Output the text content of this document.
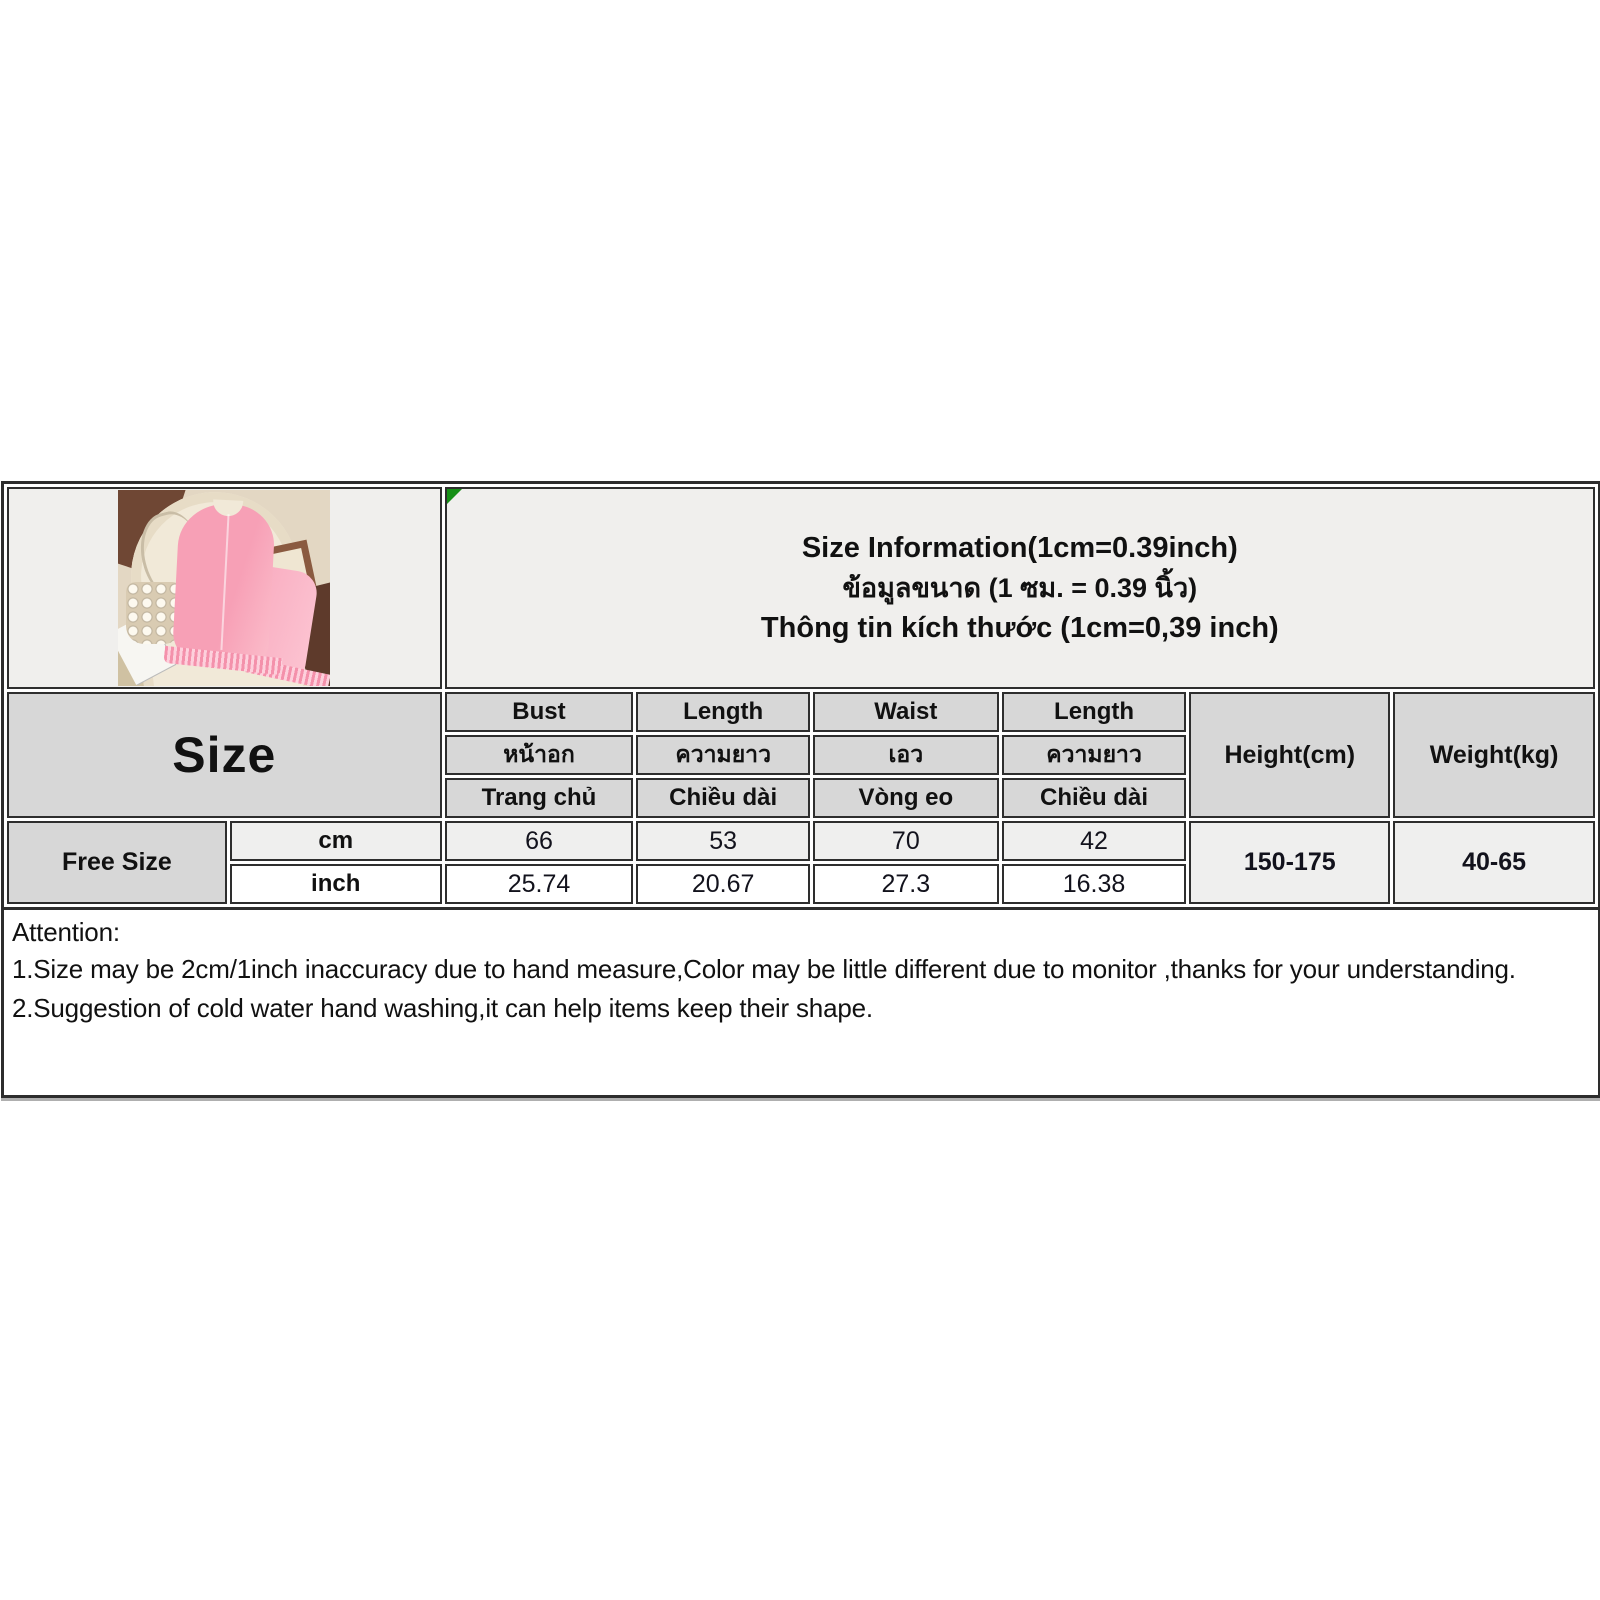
		Size Information(1cm=0.39inch)
ข้อมูลขนาด (1 ซม. = 0.39 นิ้ว)
Thông tin kích thước (1cm=0,39 inch)					

Size		Bust	Length	Waist	Length	Height(cm)	Weight(kg)
		หน้าอก	ความยาว	เอว	ความยาว		
		Trang chủ	Chiều dài	Vòng eo	Chiều dài		
Free Size	cm	66	53	70	42	150-175	40-65
	inch	25.74	20.67	27.3	16.38		
Attention:
1.Size may be 2cm/1inch inaccuracy due to hand measure,Color may be little different due to monitor ,thanks for your understanding.
2.Suggestion of cold water hand washing,it can help items keep their shape.
